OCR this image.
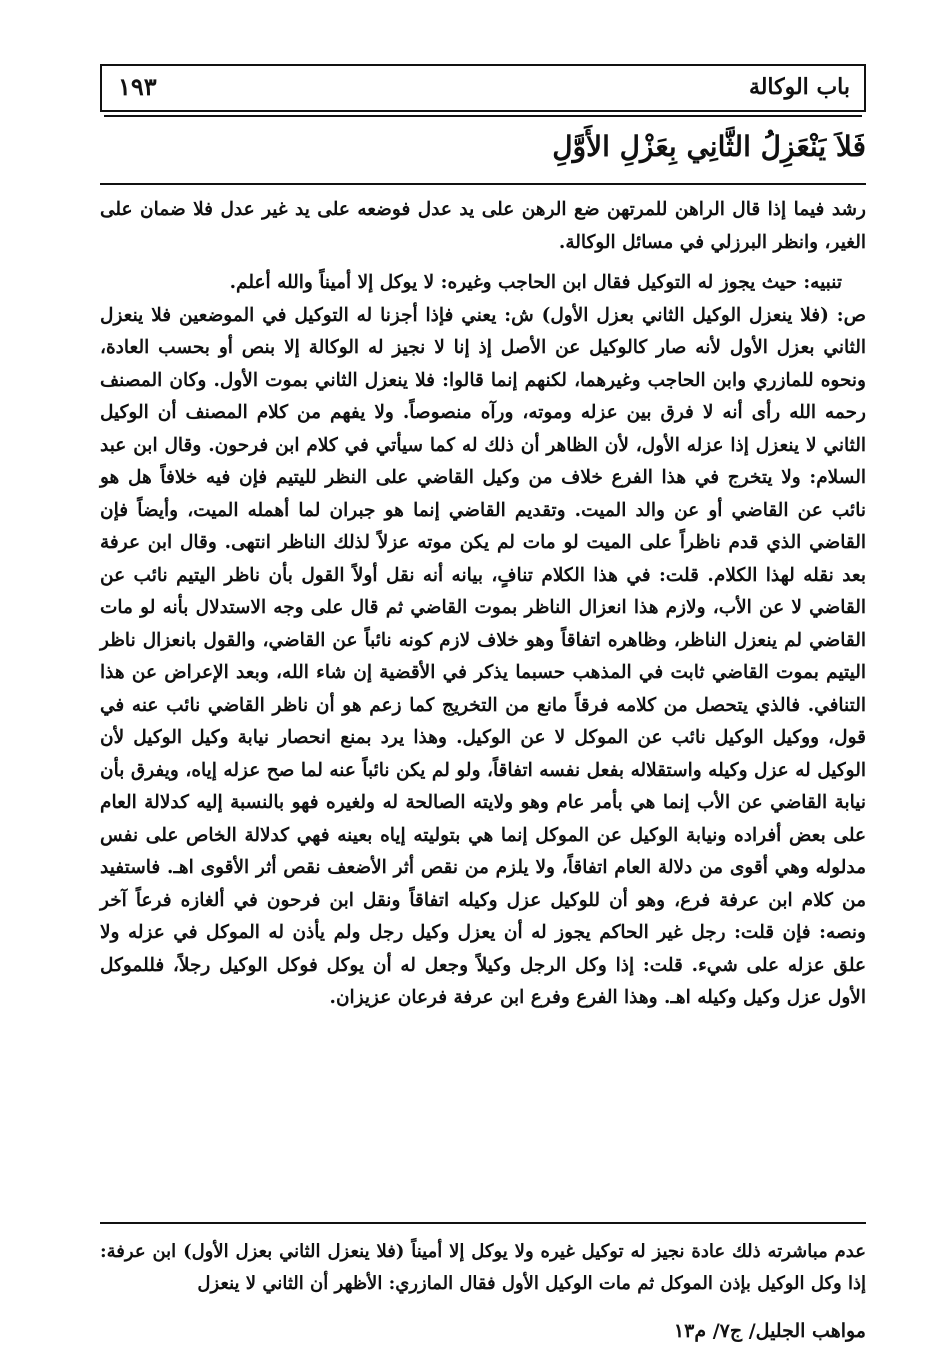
باب الوكالة
١٩٣
فَلاَ يَنْعَزِلُ الثَّانِي بِعَزْلِ الأَوَّلِ

رشد فيما إذا قال الراهن للمرتهن ضع الرهن على يد عدل فوضعه على يد غير عدل فلا ضمان على الغير، وانظر البرزلي في مسائل الوكالة.

تنبيه: حيث يجوز له التوكيل فقال ابن الحاجب وغيره: لا يوكل إلا أميناً والله أعلم.

ص: (فلا ينعزل الوكيل الثاني بعزل الأول) ش: يعني فإذا أجزنا له التوكيل في الموضعين فلا ينعزل الثاني بعزل الأول لأنه صار كالوكيل عن الأصل إذ إنا لا نجيز له الوكالة إلا بنص أو بحسب العادة، ونحوه للمازري وابن الحاجب وغيرهما، لكنهم إنما قالوا: فلا ينعزل الثاني بموت الأول. وكان المصنف رحمه الله رأى أنه لا فرق بين عزله وموته، ورآه منصوصاً. ولا يفهم من كلام المصنف أن الوكيل الثاني لا ينعزل إذا عزله الأول، لأن الظاهر أن ذلك له كما سيأتي في كلام ابن فرحون. وقال ابن عبد السلام: ولا يتخرج في هذا الفرع خلاف من وكيل القاضي على النظر لليتيم فإن فيه خلافاً هل هو نائب عن القاضي أو عن والد الميت. وتقديم القاضي إنما هو جبران لما أهمله الميت، وأيضاً فإن القاضي الذي قدم ناظراً على الميت لو مات لم يكن موته عزلاً لذلك الناظر انتهى. وقال ابن عرفة بعد نقله لهذا الكلام. قلت: في هذا الكلام تنافٍ، بيانه أنه نقل أولاً القول بأن ناظر اليتيم نائب عن القاضي لا عن الأب، ولازم هذا انعزال الناظر بموت القاضي ثم قال على وجه الاستدلال بأنه لو مات القاضي لم ينعزل الناظر، وظاهره اتفاقاً وهو خلاف لازم كونه نائباً عن القاضي، والقول بانعزال ناظر اليتيم بموت القاضي ثابت في المذهب حسبما يذكر في الأقضية إن شاء الله، وبعد الإعراض عن هذا التنافي. فالذي يتحصل من كلامه فرقاً مانع من التخريج كما زعم هو أن ناظر القاضي نائب عنه في قول، ووكيل الوكيل نائب عن الموكل لا عن الوكيل. وهذا يرد بمنع انحصار نيابة وكيل الوكيل لأن الوكيل له عزل وكيله واستقلاله بفعل نفسه اتفاقاً، ولو لم يكن نائباً عنه لما صح عزله إياه، ويفرق بأن نيابة القاضي عن الأب إنما هي بأمر عام وهو ولايته الصالحة له ولغيره فهو بالنسبة إليه كدلالة العام على بعض أفراده ونيابة الوكيل عن الموكل إنما هي بتوليته إياه بعينه فهي كدلالة الخاص على نفس مدلوله وهي أقوى من دلالة العام اتفاقاً، ولا يلزم من نقص أثر الأضعف نقص أثر الأقوى اهـ. فاستفيد من كلام ابن عرفة فرع، وهو أن للوكيل عزل وكيله اتفاقاً ونقل ابن فرحون في ألغازه فرعاً آخر ونصه: فإن قلت: رجل غير الحاكم يجوز له أن يعزل وكيل رجل ولم يأذن له الموكل في عزله ولا علق عزله على شيء. قلت: إذا وكل الرجل وكيلاً وجعل له أن يوكل فوكل الوكيل رجلاً، فللموكل الأول عزل وكيل وكيله اهـ. وهذا الفرع وفرع ابن عرفة فرعان عزيزان.

عدم مباشرته ذلك عادة نجيز له توكيل غيره ولا يوكل إلا أميناً (فلا ينعزل الثاني بعزل الأول) ابن عرفة: إذا وكل الوكيل بإذن الموكل ثم مات الوكيل الأول فقال المازري: الأظهر أن الثاني لا ينعزل
مواهب الجليل/ ج٧/ م١٣
